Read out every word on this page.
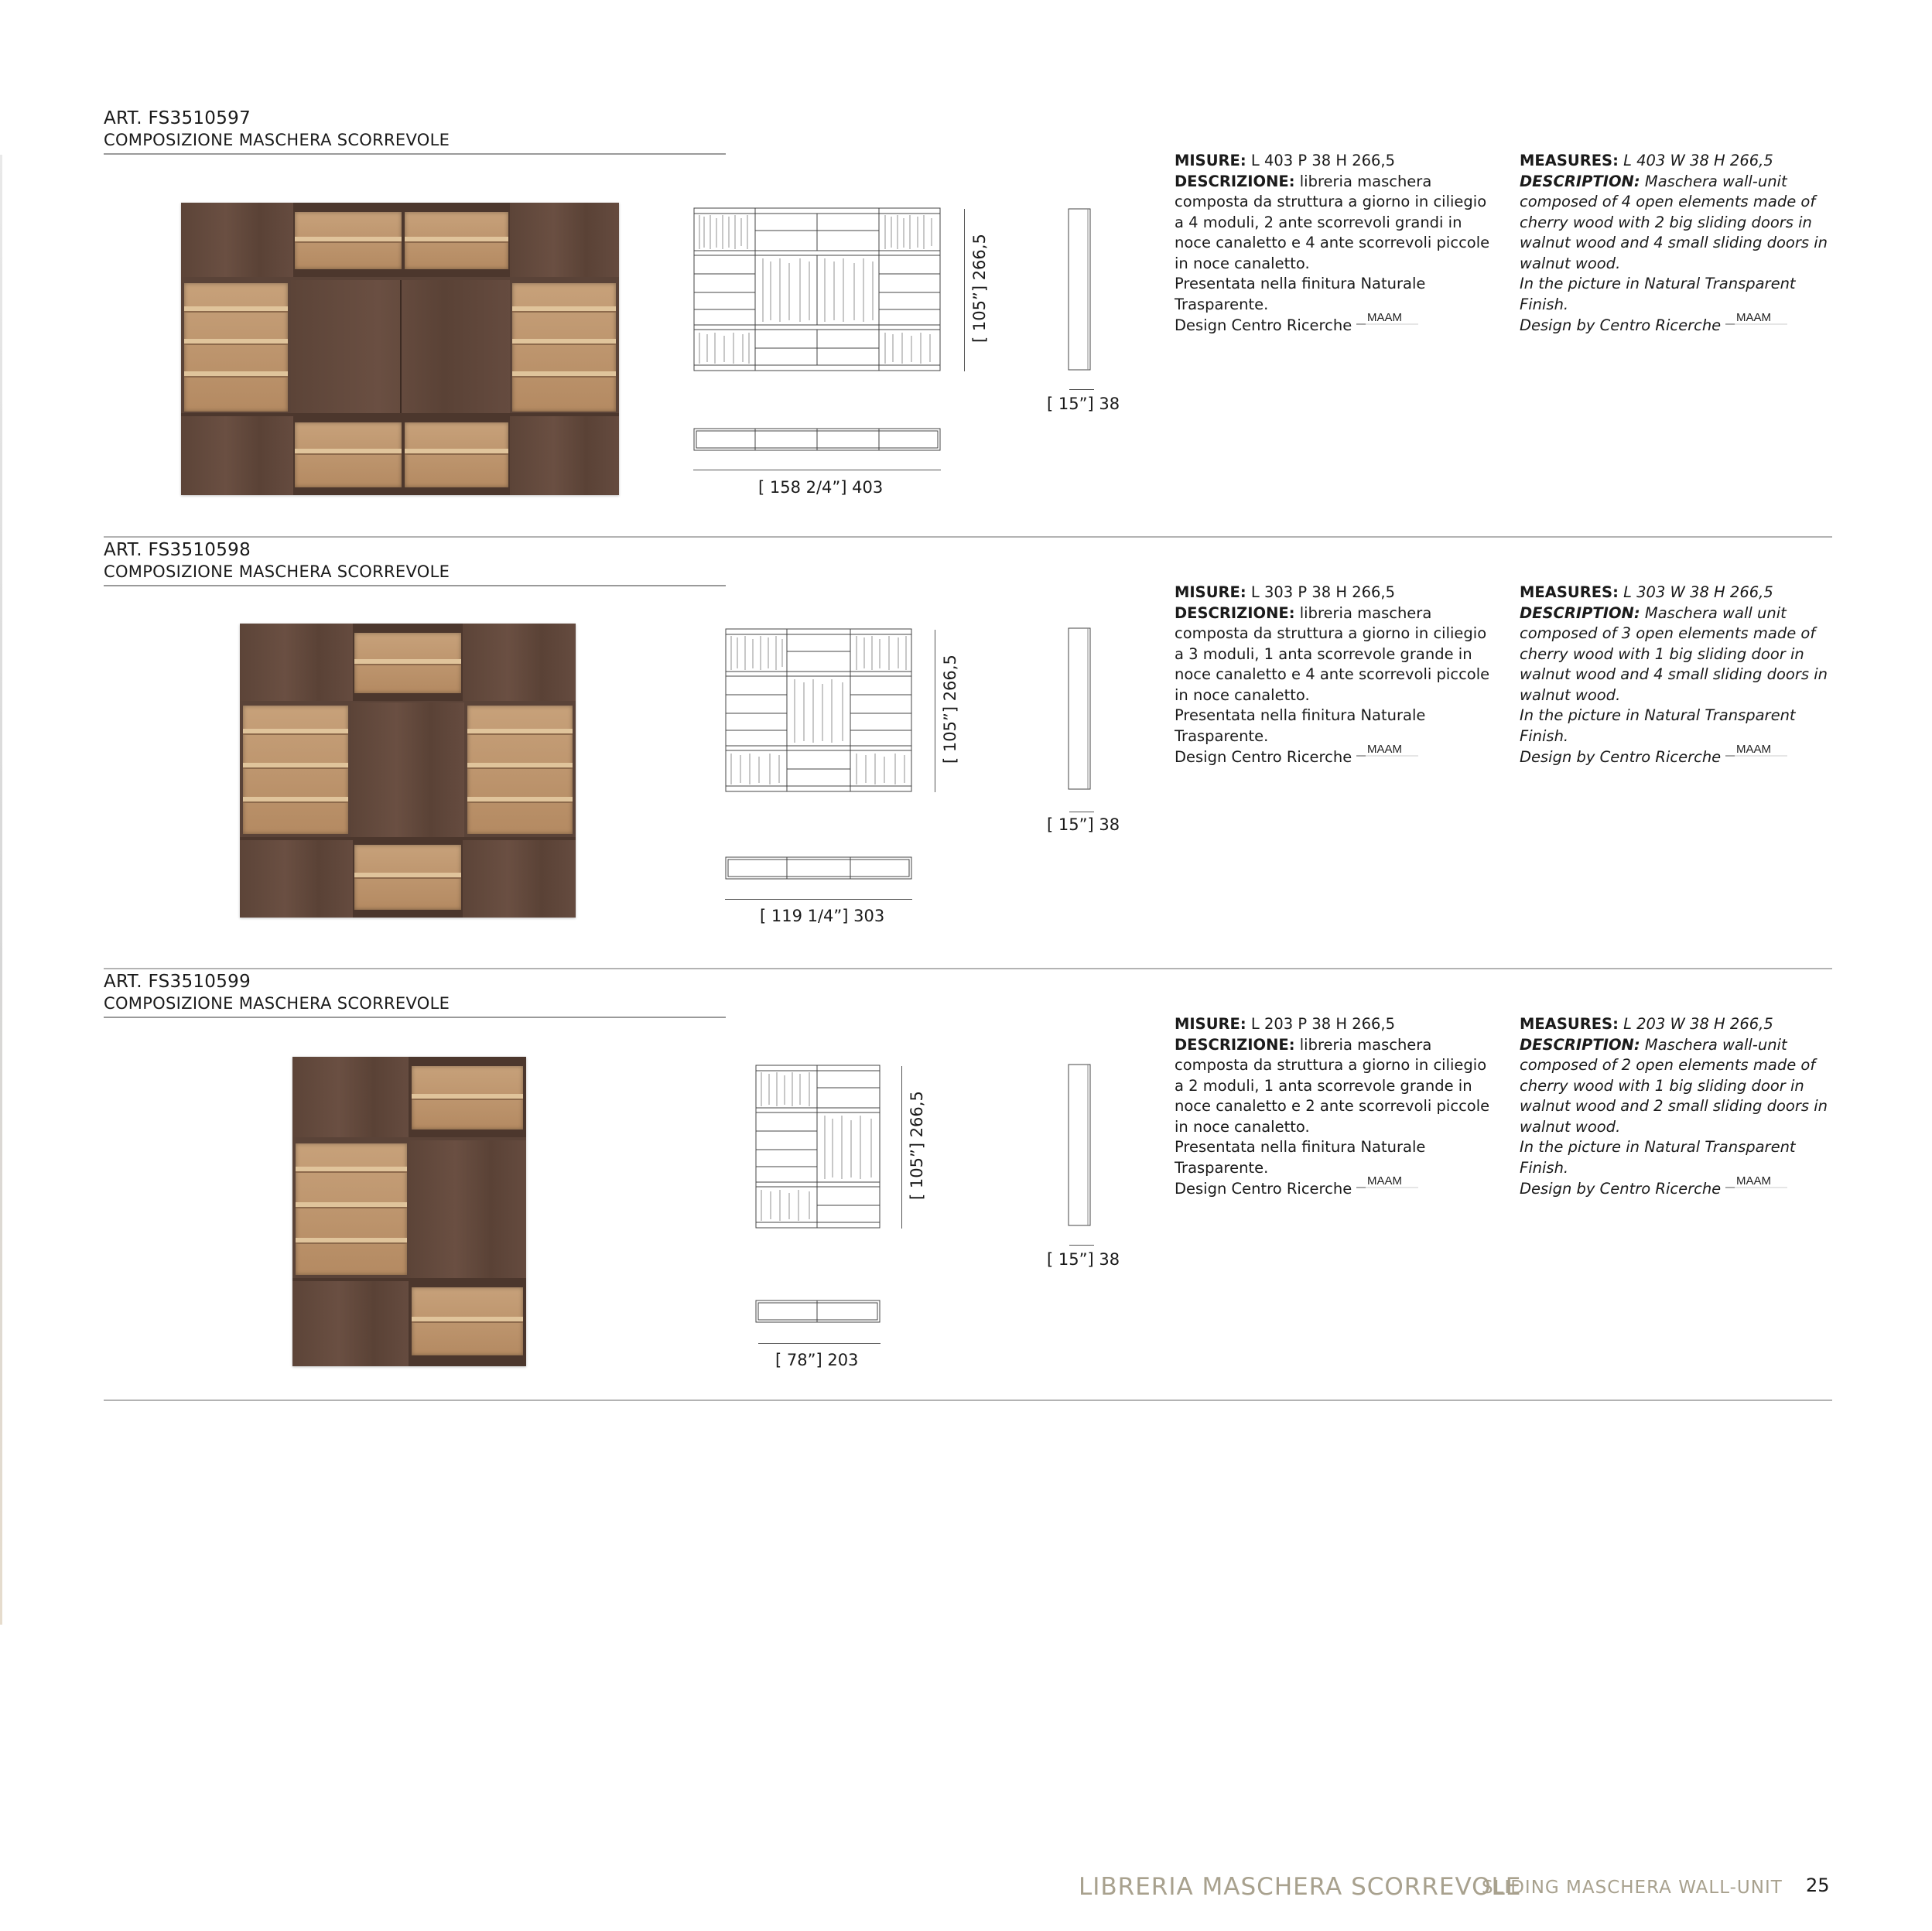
ART. FS3510597
COMPOSIZIONE MASCHERA SCORREVOLE
[ 105”] 266,5
[ 158 2/4”] 403
[ 15”] 38
MISURE: L 403 P 38 H 266,5
DESCRIZIONE: libreria maschera composta da struttura a giorno in ciliegio a 4 moduli, 2 ante scorrevoli grandi in noce canaletto e 4 ante scorrevoli piccole in noce canaletto.
Presentata nella finitura Naturale Trasparente.
Design Centro Ricerche MAAM
MEASURES: L 403 W 38 H 266,5
DESCRIPTION: Maschera wall-unit composed of 4 open elements made of cherry wood with 2 big sliding doors in walnut wood and 4 small sliding doors in walnut wood.
In the picture in Natural Transparent Finish.
Design by Centro Ricerche MAAM
ART. FS3510598
COMPOSIZIONE MASCHERA SCORREVOLE
[ 105”] 266,5
[ 119 1/4”] 303
[ 15”] 38
MISURE: L 303 P 38 H 266,5
DESCRIZIONE: libreria maschera composta da struttura a giorno in ciliegio a 3 moduli, 1 anta scorrevole grande in noce canaletto e 4 ante scorrevoli piccole in noce canaletto.
Presentata nella finitura Naturale Trasparente.
Design Centro Ricerche MAAM
MEASURES: L 303 W 38 H 266,5
DESCRIPTION: Maschera wall unit composed of 3 open elements made of cherry wood with 1 big sliding door in walnut wood and 4 small sliding doors in walnut wood.
In the picture in Natural Transparent Finish.
Design by Centro Ricerche MAAM
ART. FS3510599
COMPOSIZIONE MASCHERA SCORREVOLE
[ 105”] 266,5
[ 78”] 203
[ 15”] 38
MISURE: L 203 P 38 H 266,5
DESCRIZIONE: libreria maschera composta da struttura a giorno in ciliegio a 2 moduli, 1 anta scorrevole grande in noce canaletto e 2 ante scorrevoli piccole in noce canaletto.
Presentata nella finitura Naturale Trasparente.
Design Centro Ricerche MAAM
MEASURES: L 203 W 38 H 266,5
DESCRIPTION: Maschera wall-unit composed of 2 open elements made of cherry wood with 1 big sliding door in walnut wood and 2 small sliding doors in walnut wood.
In the picture in Natural Transparent Finish.
Design by Centro Ricerche MAAM
LIBRERIA MASCHERA SCORREVOLE
SLIDING MASCHERA WALL-UNIT 25
